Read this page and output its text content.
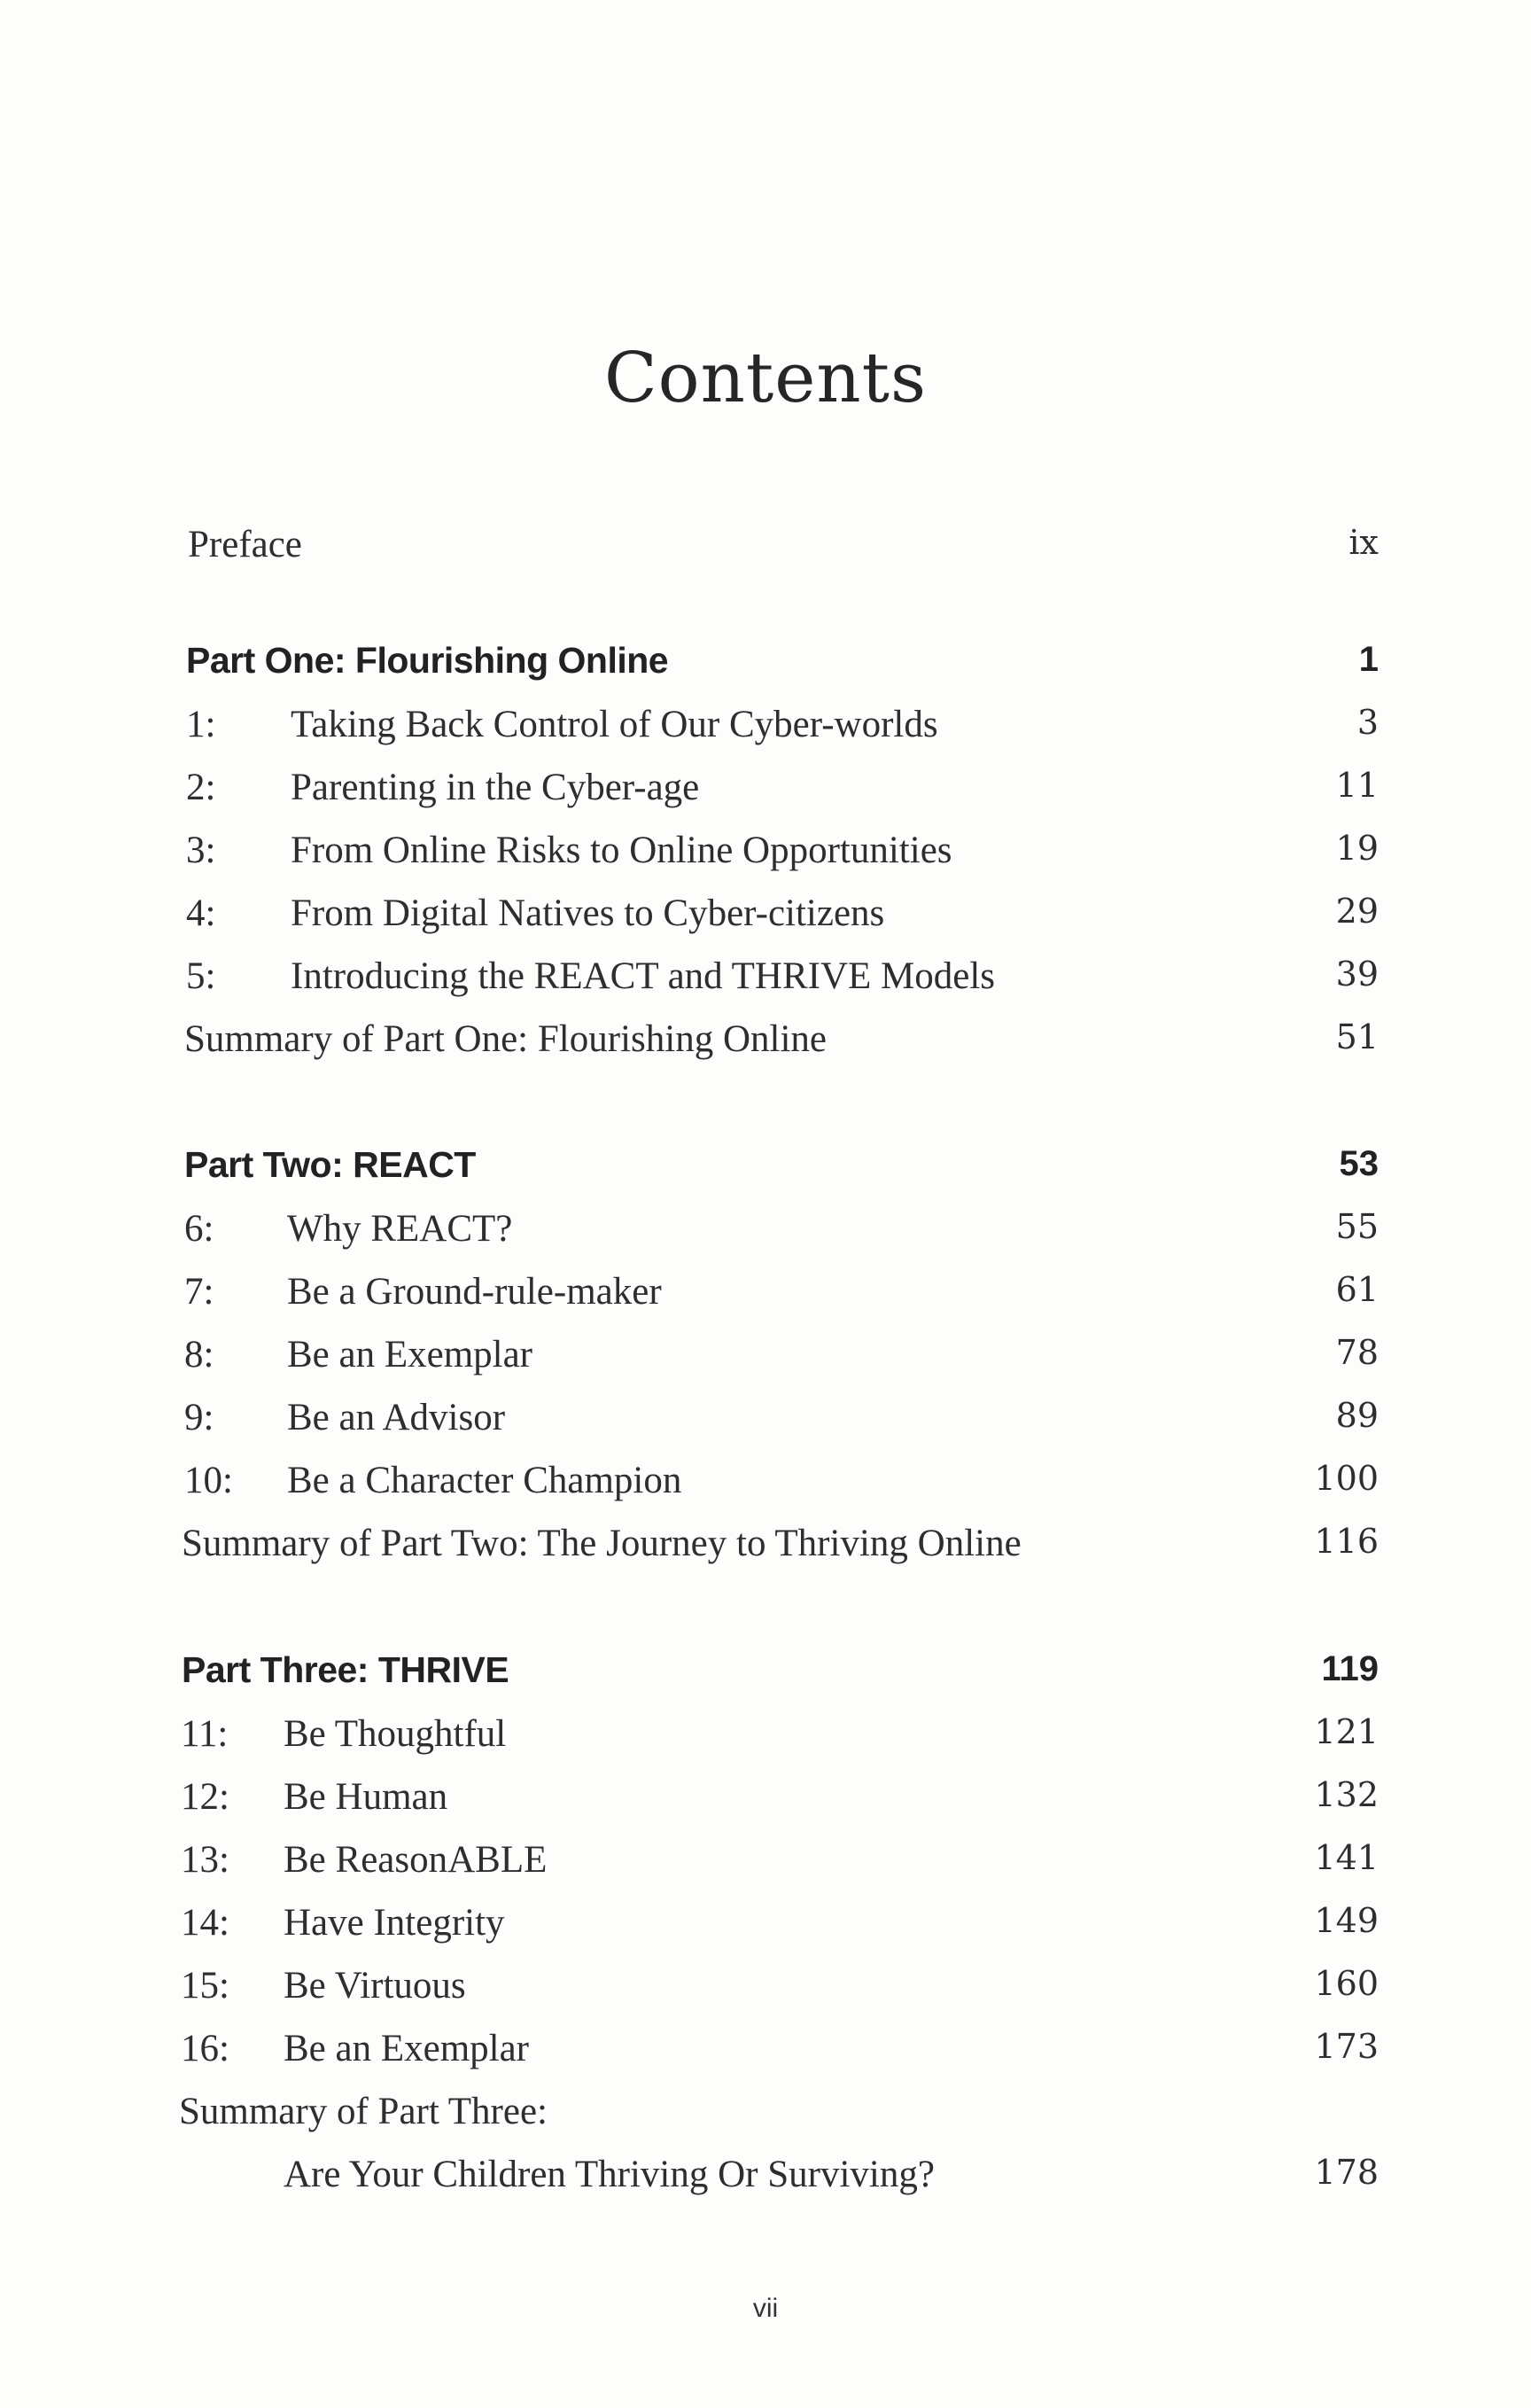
Contents
Preface	ix
Part One: Flourishing Online	1
1: Taking Back Control of Our Cyber-worlds	3
2: Parenting in the Cyber-age	11
3: From Online Risks to Online Opportunities	19
4: From Digital Natives to Cyber-citizens	29
5: Introducing the REACT and THRIVE Models	39
Summary of Part One: Flourishing Online	51
Part Two: REACT	53
6: Why REACT?	55
7: Be a Ground-rule-maker	61
8: Be an Exemplar	78
9: Be an Advisor	89
10: Be a Character Champion	100
Summary of Part Two: The Journey to Thriving Online	116
Part Three: THRIVE	119
11: Be Thoughtful	121
12: Be Human	132
13: Be ReasonABLE	141
14: Have Integrity	149
15: Be Virtuous	160
16: Be an Exemplar	173
Summary of Part Three:
Are Your Children Thriving Or Surviving?	178
vii
